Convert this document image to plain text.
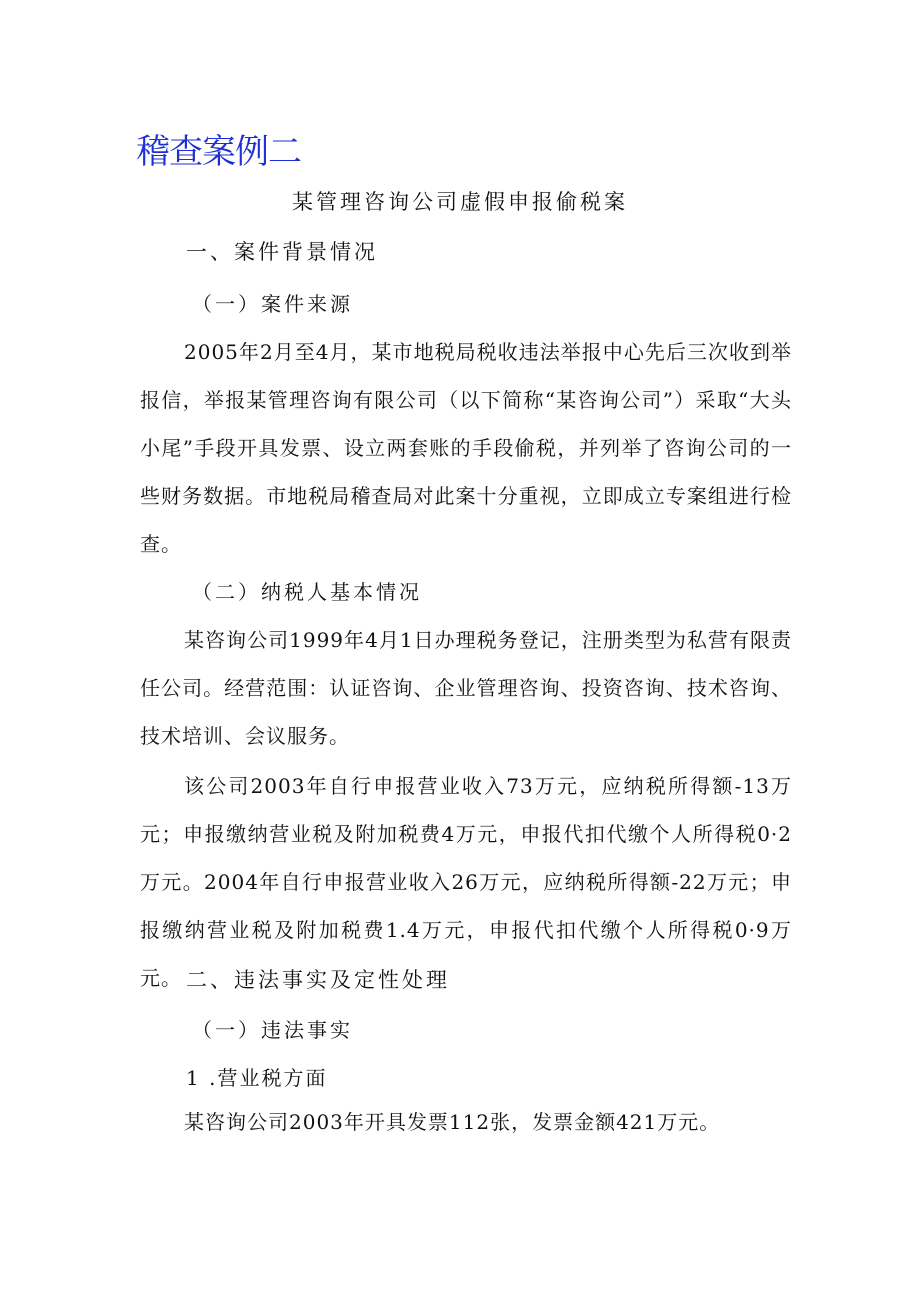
稽查案例二
某管理咨询公司虚假申报偷税案
一、案件背景情况
（一）案件来源

2005年2月至4月，某市地税局税收违法举报中心先后三次收到举报信，举报某管理咨询有限公司（以下简称“某咨询公司”）采取“大头小尾”手段开具发票、设立两套账的手段偷税，并列举了咨询公司的一些财务数据。市地税局稽查局对此案十分重视，立即成立专案组进行检查。

（二）纳税人基本情况

某咨询公司1999年4月1日办理税务登记，注册类型为私营有限责任公司。经营范围：认证咨询、企业管理咨询、投资咨询、技术咨询、技术培训、会议服务。

该公司2003年自行申报营业收入73万元，应纳税所得额-13万元；申报缴纳营业税及附加税费4万元，申报代扣代缴个人所得税0·2万元。2004年自行申报营业收入26万元，应纳税所得额-22万元；申报缴纳营业税及附加税费1.4万元，申报代扣代缴个人所得税0·9万元。 二、违法事实及定性处理
（一）违法事实
1 .营业税方面

某咨询公司2003年开具发票112张，发票金额421万元。
